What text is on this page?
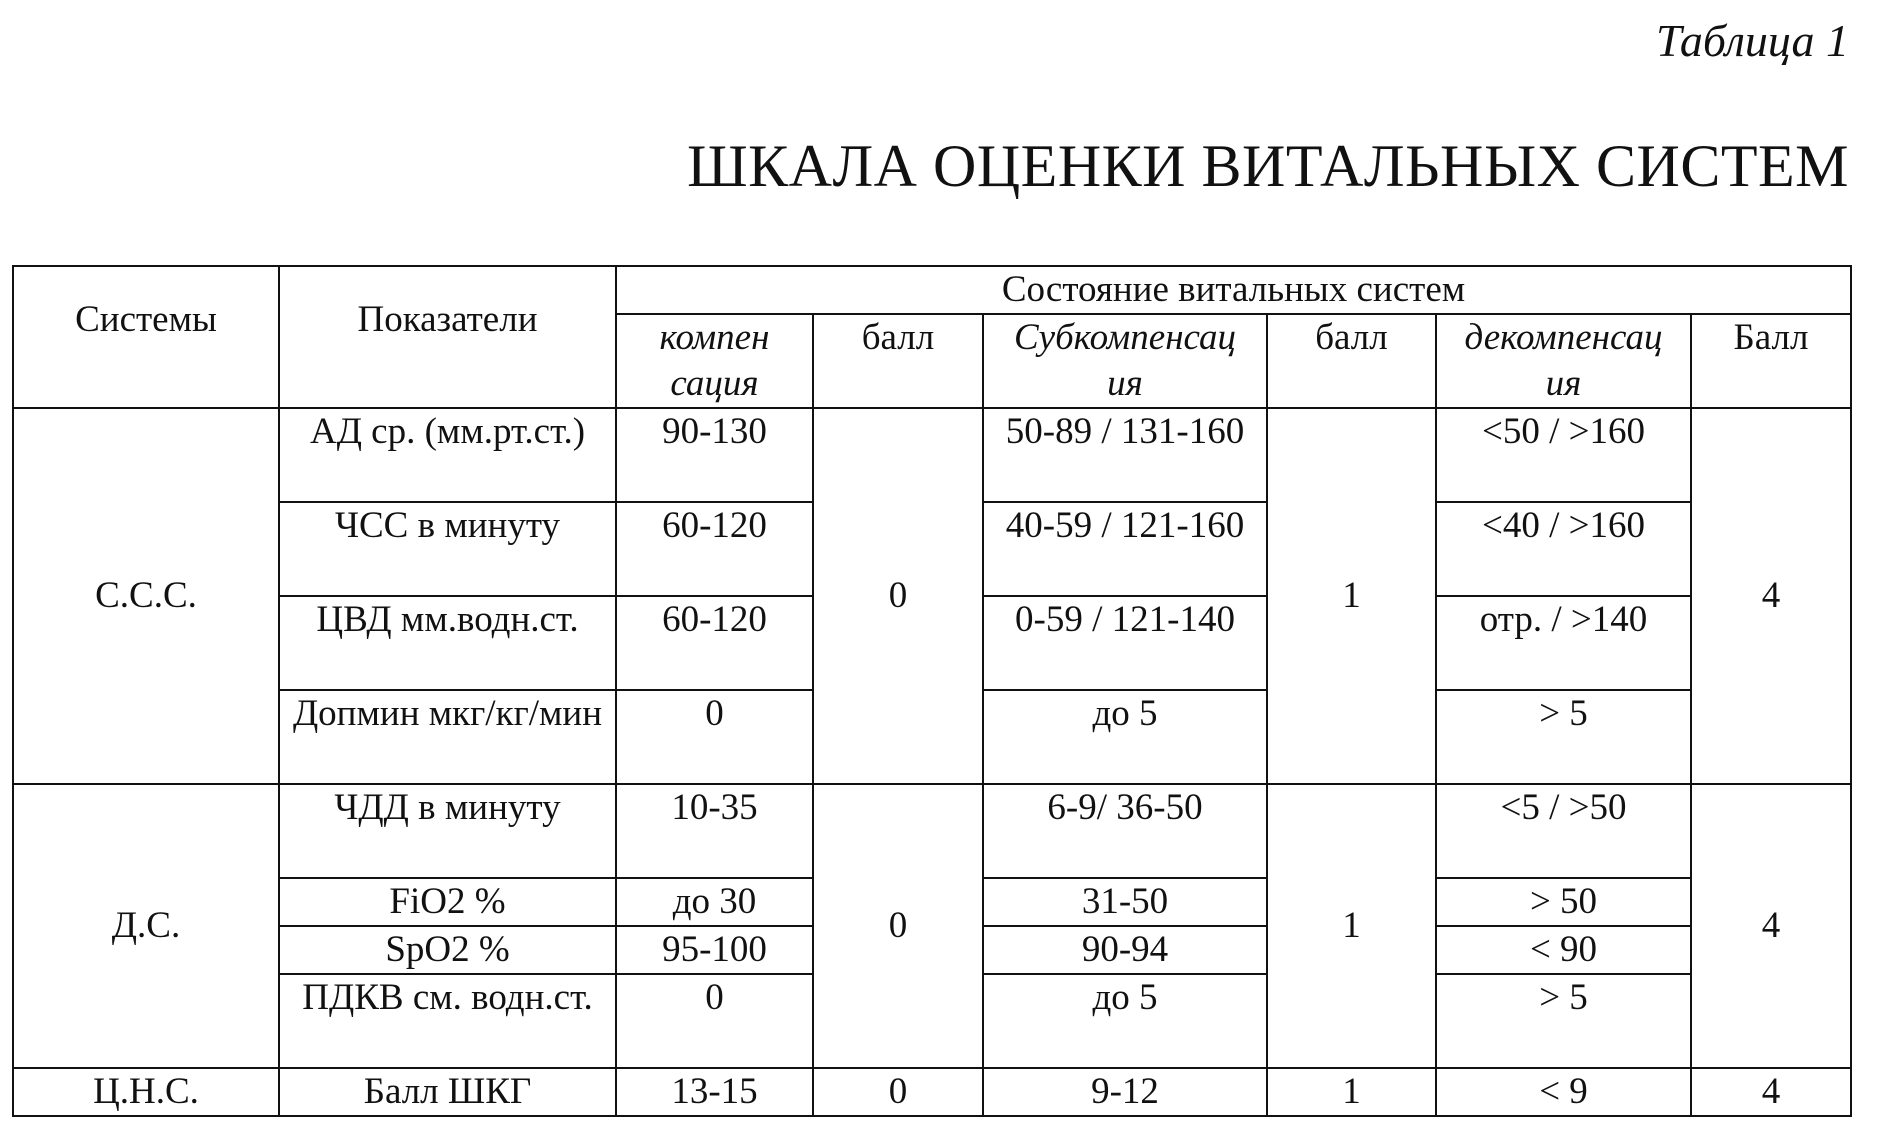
Таблица 1
ШКАЛА ОЦЕНКИ ВИТАЛЬНЫХ СИСТЕМ
Системы	Показатели	Состояние витальных систем					
		компен сация	балл	Субкомпенсац ия	балл	декомпенсац ия	Балл
С.С.С.	АД ср. (мм.рт.ст.)	90-130	0	50-89 / 131-160	1	<50 / >160	4
	ЧСС в минуту	60-120		40-59 / 121-160		<40 / >160	
	ЦВД мм.водн.ст.	60-120		0-59 / 121-140		отр. / >140	
	Допмин мкг/кг/мин	0		до 5		> 5	
Д.С.	ЧДД в минуту	10-35	0	6-9/ 36-50	1	<5 / >50	4
	FiO2 %	до 30		31-50		> 50	
	SpO2 %	95-100		90-94		< 90	
	ПДКВ см. водн.ст.	0		до 5		> 5	
Ц.Н.С.	Балл ШКГ	13-15	0	9-12	1	< 9	4
